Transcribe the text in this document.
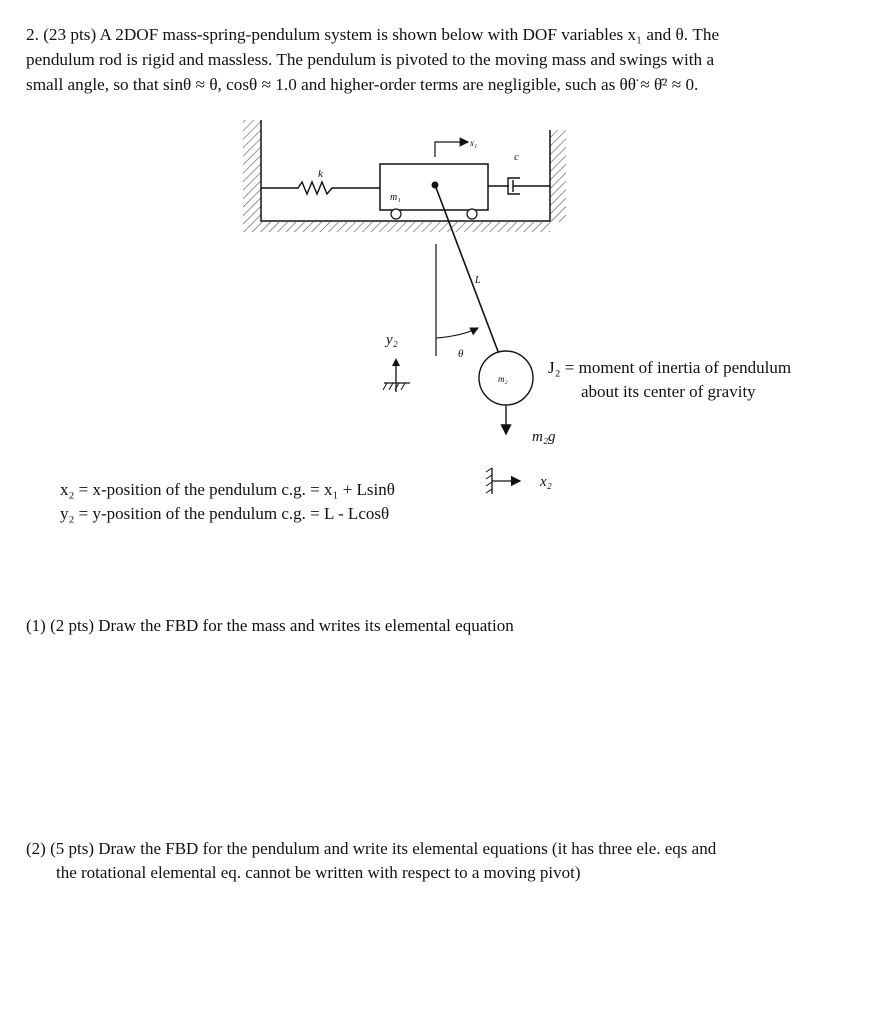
2. (23 pts) A 2DOF mass-spring-pendulum system is shown below with DOF variables x₁ and θ. The

pendulum rod is rigid and massless. The pendulum is pivoted to the moving mass and swings with a

small angle, so that sinθ ≈ θ, cosθ ≈ 1.0 and higher-order terms are negligible, such as θθ̈ ≈ θ̇² ≈ 0.

k
m₁
x₁
c
L
θ
m₂
m₂g
y₂
x₂
J₂ = moment of inertia of pendulum
about its center of gravity
x₂ = x-position of the pendulum c.g. = x₁ + Lsinθ
y₂ = y-position of the pendulum c.g. = L - Lcosθ
(1) (2 pts) Draw the FBD for the mass and writes its elemental equation
(2) (5 pts) Draw the FBD for the pendulum and write its elemental equations (it has three ele. eqs and
the rotational elemental eq. cannot be written with respect to a moving pivot)
